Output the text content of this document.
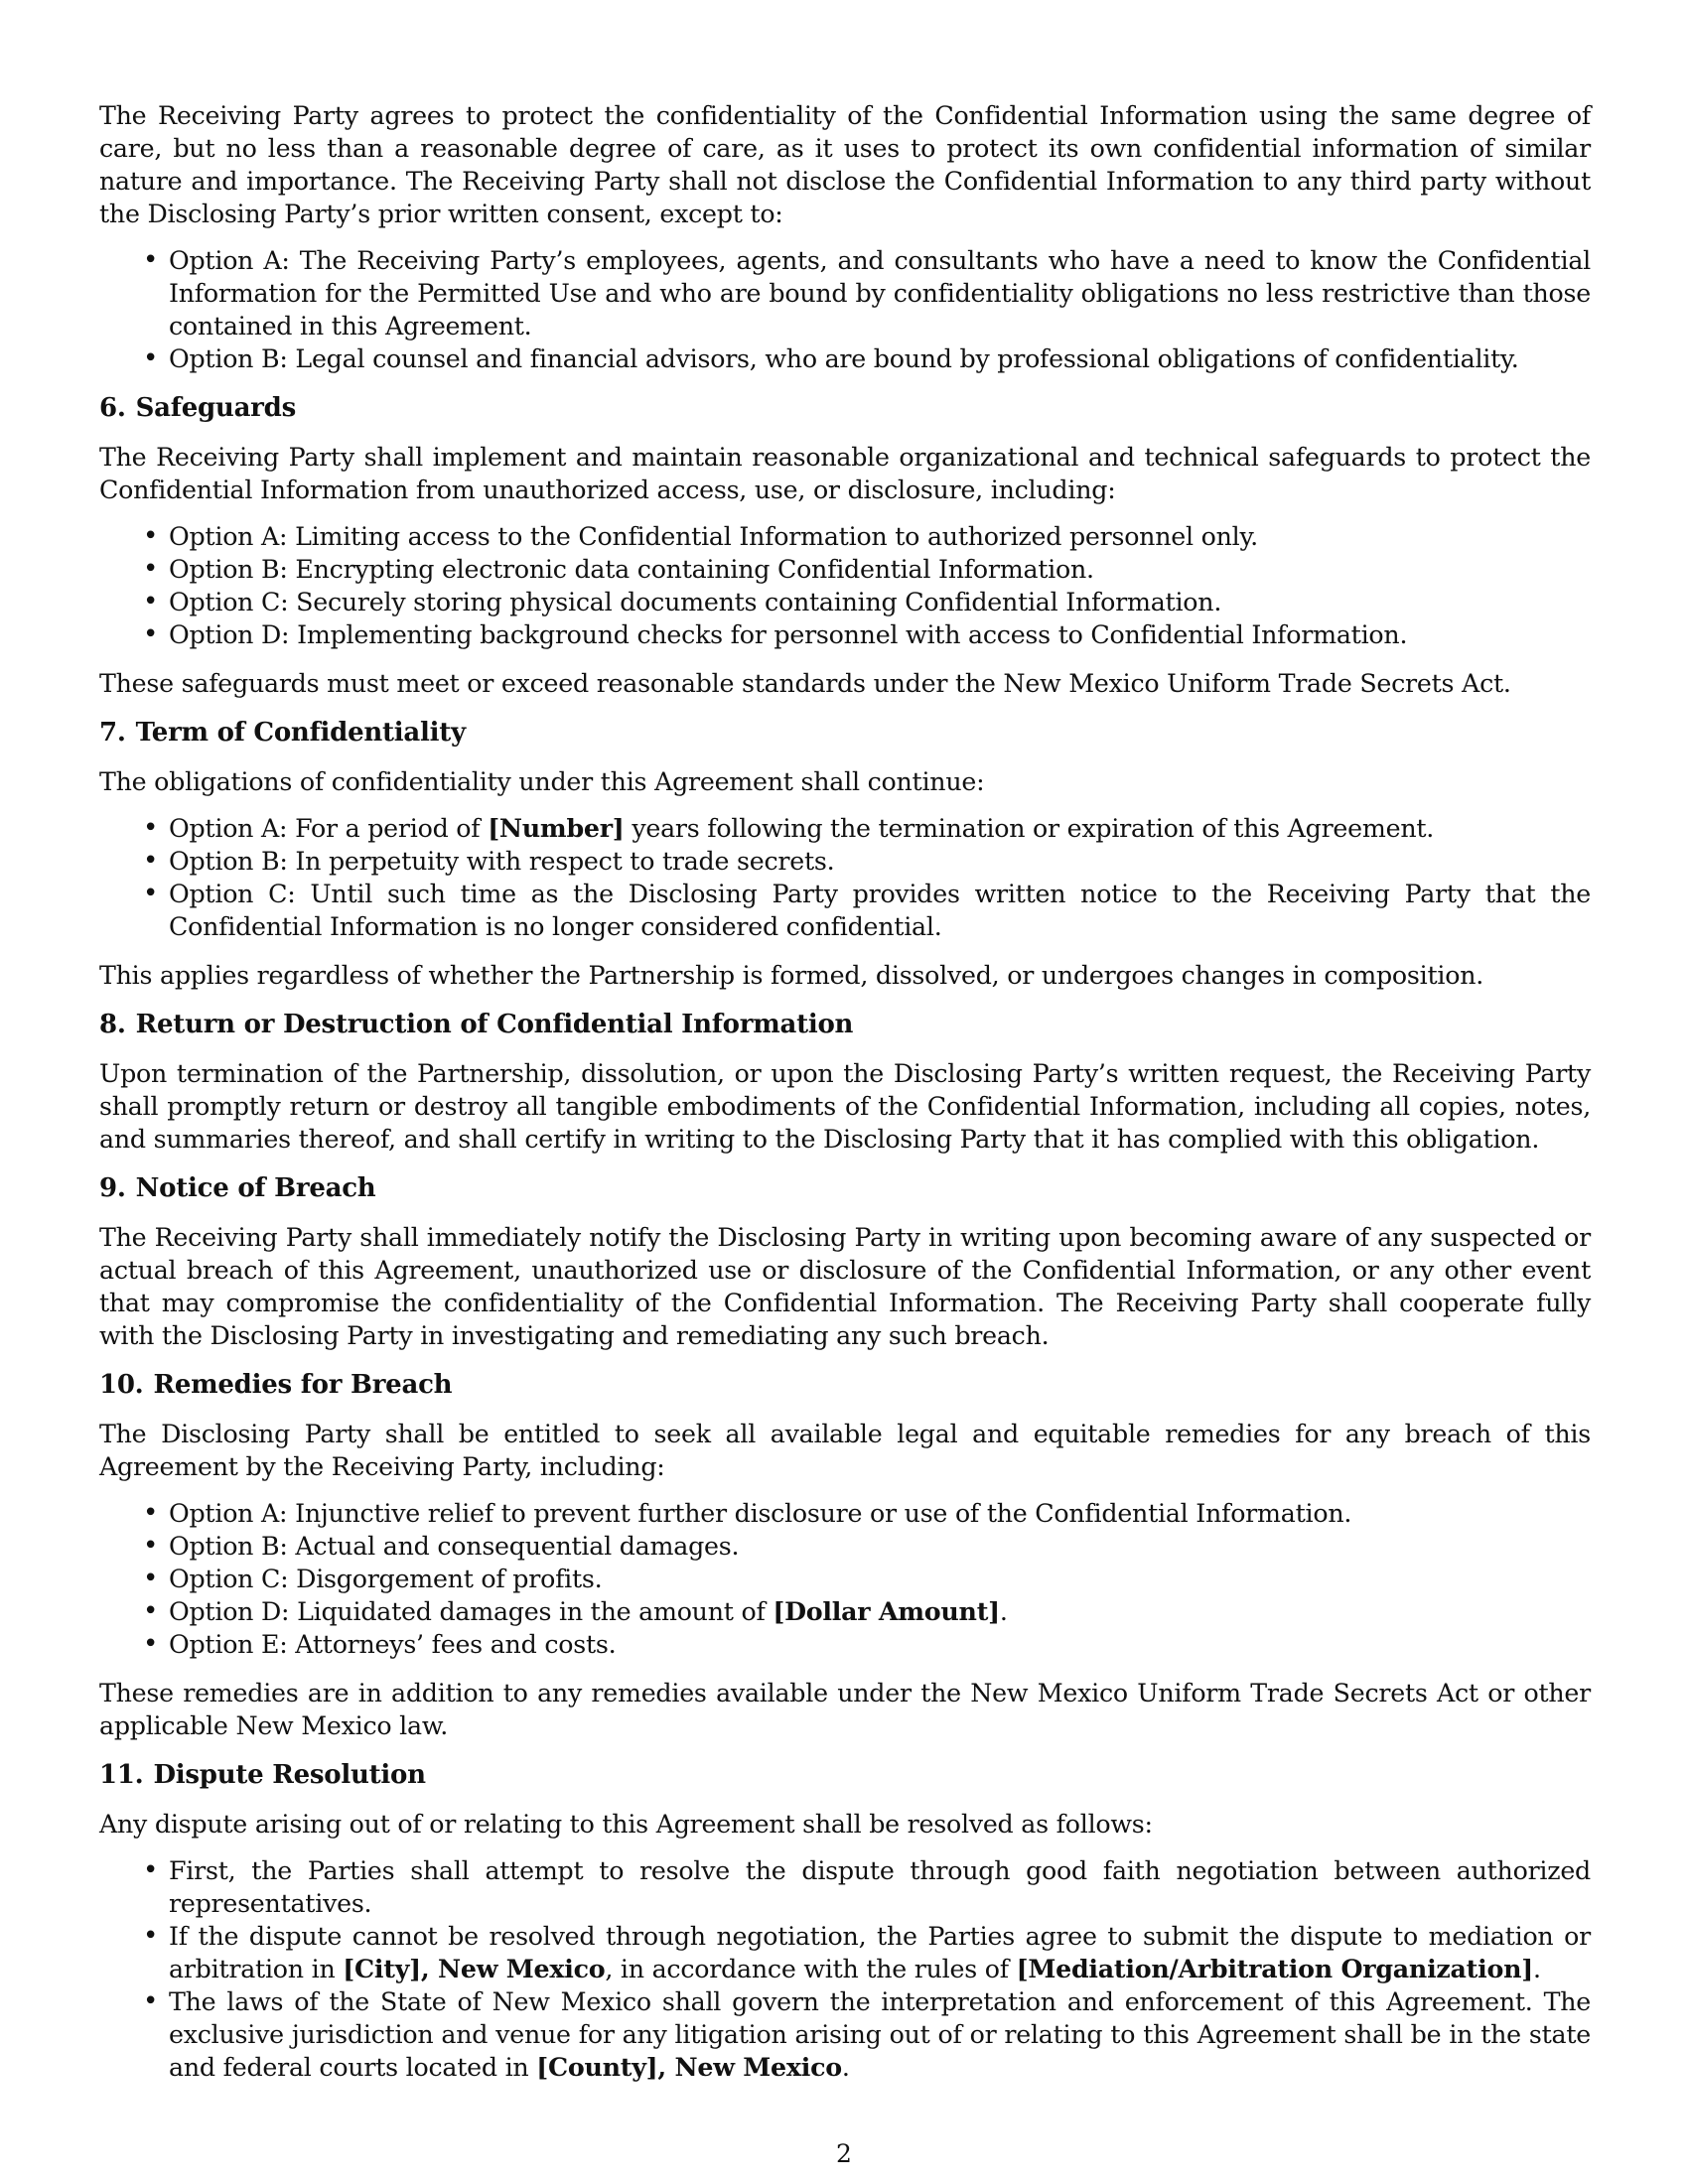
The Receiving Party agrees to protect the confidentiality of the Confidential Information using the same degree of care, but no less than a reasonable degree of care, as it uses to protect its own confidential information of similar nature and importance. The Receiving Party shall not disclose the Confidential Information to any third party without the Disclosing Party’s prior written consent, except to:

• Option A: The Receiving Party’s employees, agents, and consultants who have a need to know the Confidential Information for the Permitted Use and who are bound by confidentiality obligations no less restrictive than those contained in this Agreement.
• Option B: Legal counsel and financial advisors, who are bound by professional obligations of confidentiality.
6. Safeguards

The Receiving Party shall implement and maintain reasonable organizational and technical safeguards to protect the Confidential Information from unauthorized access, use, or disclosure, including:

• Option A: Limiting access to the Confidential Information to authorized personnel only.
• Option B: Encrypting electronic data containing Confidential Information.
• Option C: Securely storing physical documents containing Confidential Information.
• Option D: Implementing background checks for personnel with access to Confidential Information.

These safeguards must meet or exceed reasonable standards under the New Mexico Uniform Trade Secrets Act.

7. Term of Confidentiality

The obligations of confidentiality under this Agreement shall continue:

• Option A: For a period of [Number] years following the termination or expiration of this Agreement.
• Option B: In perpetuity with respect to trade secrets.
• Option C: Until such time as the Disclosing Party provides written notice to the Receiving Party that the Confidential Information is no longer considered confidential.

This applies regardless of whether the Partnership is formed, dissolved, or undergoes changes in composition.

8. Return or Destruction of Confidential Information

Upon termination of the Partnership, dissolution, or upon the Disclosing Party’s written request, the Receiving Party shall promptly return or destroy all tangible embodiments of the Confidential Information, including all copies, notes, and summaries thereof, and shall certify in writing to the Disclosing Party that it has complied with this obligation.

9. Notice of Breach

The Receiving Party shall immediately notify the Disclosing Party in writing upon becoming aware of any suspected or actual breach of this Agreement, unauthorized use or disclosure of the Confidential Information, or any other event that may compromise the confidentiality of the Confidential Information. The Receiving Party shall cooperate fully with the Disclosing Party in investigating and remediating any such breach.

10. Remedies for Breach

The Disclosing Party shall be entitled to seek all available legal and equitable remedies for any breach of this Agreement by the Receiving Party, including:

• Option A: Injunctive relief to prevent further disclosure or use of the Confidential Information.
• Option B: Actual and consequential damages.
• Option C: Disgorgement of profits.
• Option D: Liquidated damages in the amount of [Dollar Amount].
• Option E: Attorneys’ fees and costs.

These remedies are in addition to any remedies available under the New Mexico Uniform Trade Secrets Act or other applicable New Mexico law.

11. Dispute Resolution

Any dispute arising out of or relating to this Agreement shall be resolved as follows:

• First, the Parties shall attempt to resolve the dispute through good faith negotiation between authorized representatives.
• If the dispute cannot be resolved through negotiation, the Parties agree to submit the dispute to mediation or arbitration in [City], New Mexico, in accordance with the rules of [Mediation/Arbitration Organization].
• The laws of the State of New Mexico shall govern the interpretation and enforcement of this Agreement. The exclusive jurisdiction and venue for any litigation arising out of or relating to this Agreement shall be in the state and federal courts located in [County], New Mexico.
2
